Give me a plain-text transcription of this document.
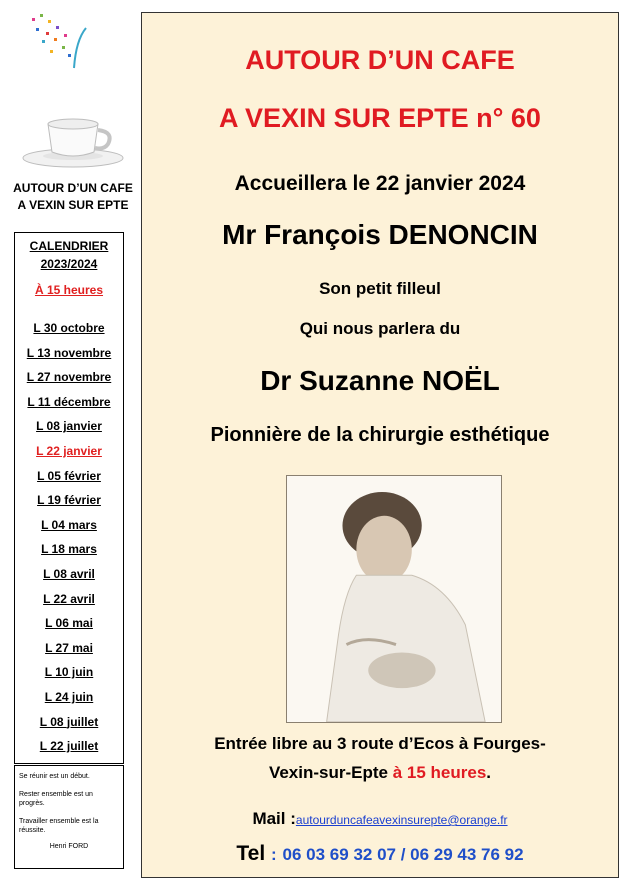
AUTOUR D’UN CAFE
A VEXIN SUR EPTE
CALENDRIER
2023/2024
À 15 heures
L 30 octobre
L 13 novembre
L 27 novembre
L 11 décembre
L 08 janvier
L 22 janvier
L 05 février
L 19 février
L 04 mars
L 18 mars
L 08 avril
L 22 avril
L 06 mai
L 27 mai
L 10 juin
L 24 juin
L 08 juillet
L 22 juillet

Se réunir est un début.

Rester ensemble est un progrès.

Travailler ensemble est la réussite.

Henri FORD
AUTOUR D’UN CAFE
A VEXIN SUR EPTE n° 60
Accueillera le 22 janvier 2024
Mr François DENONCIN
Son petit filleul
Qui nous parlera du
Dr Suzanne NOËL
Pionnière de la chirurgie esthétique
Entrée libre au 3 route d’Ecos à Fourges-
Vexin-sur-Epte à 15 heures.
Mail :autourduncafeavexinsurepte@orange.fr
Tel : 06 03 69 32 07 / 06 29 43 76 92
